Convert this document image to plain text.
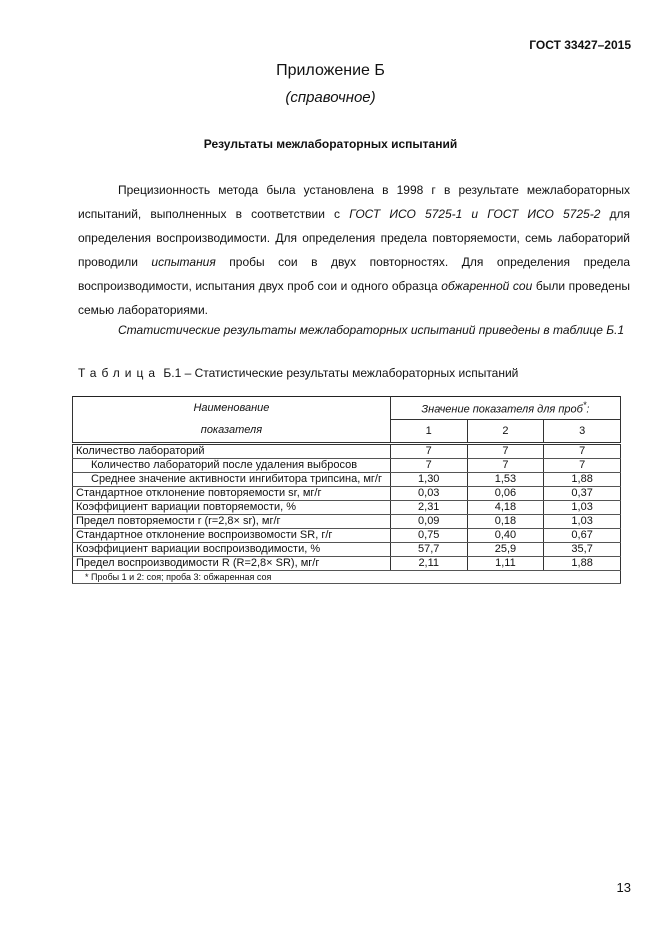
ГОСТ 33427–2015
Приложение Б
(справочное)
Результаты межлабораторных испытаний
Прецизионность метода была установлена в 1998 г в результате межлабораторных испытаний, выполненных в соответствии с ГОСТ ИСО 5725-1 и ГОСТ ИСО 5725-2 для определения воспроизводимости. Для определения предела повторяемости, семь лабораторий проводили испытания пробы сои в двух повторностях. Для определения предела воспроизводимости, испытания двух проб сои и одного образца обжаренной сои были проведены семью лабораториями.
Статистические результаты межлабораторных испытаний приведены в таблице Б.1
Таблица Б.1 – Статистические результаты межлабораторных испытаний
Наименование	Значение показателя для проб*:		
показателя	1	2	3
Количество лабораторий	7	7	7
Количество лабораторий после удаления выбросов	7	7	7
Среднее значение активности ингибитора трипсина, мг/г	1,30	1,53	1,88
Стандартное отклонение повторяемости sr, мг/г	0,03	0,06	0,37
Коэффициент вариации повторяемости, %	2,31	4,18	1,03
Предел повторяемости r (r=2,8× sr), мг/г	0,09	0,18	1,03
Стандартное отклонение воспроизвомости SR, г/г	0,75	0,40	0,67
Коэффициент вариации воспроизводимости, %	57,7	25,9	35,7
Предел воспроизводимости R (R=2,8× SR), мг/г	2,11	1,11	1,88
* Пробы 1 и 2: соя; проба 3: обжаренная соя			
13
